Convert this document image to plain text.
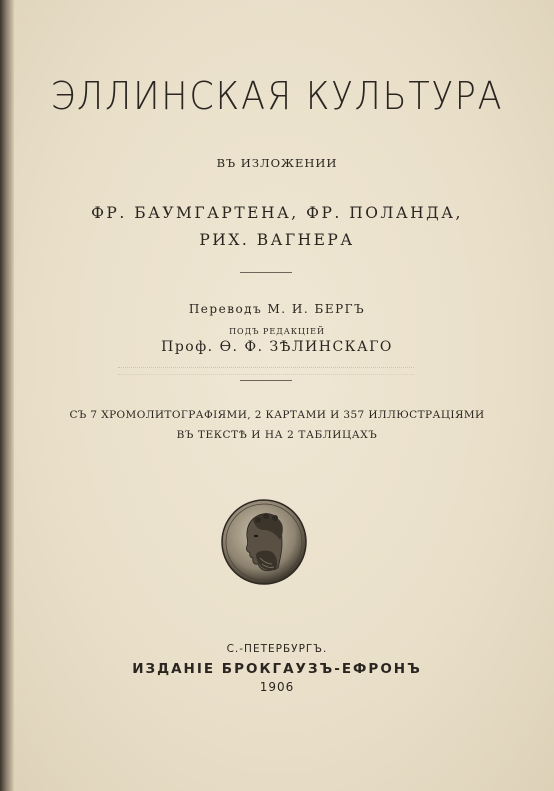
ЭЛЛИНСКАЯ КУЛЬТУРА
ВЪ ИЗЛОЖЕНИИ
ФР. БАУМГАРТЕНА, ФР. ПОЛАНДА,
РИХ. ВАГНЕРА
Переводъ М. И. БЕРГЪ
ПОДЪ РЕДАКЦІЕЙ
Проф. Ѳ. Ф. ЗѢЛИНСКАГО
СЪ 7 ХРОМОЛИТОГРАФІЯМИ, 2 КАРТАМИ И 357 ИЛЛЮСТРАЦІЯМИ
ВЪ ТЕКСТѢ И НА 2 ТАБЛИЦАХЪ
С.-ПЕТЕРБУРГЪ.
ИЗДАНІЕ БРОКГАУЗЪ-ЕФРОНЪ
1906
